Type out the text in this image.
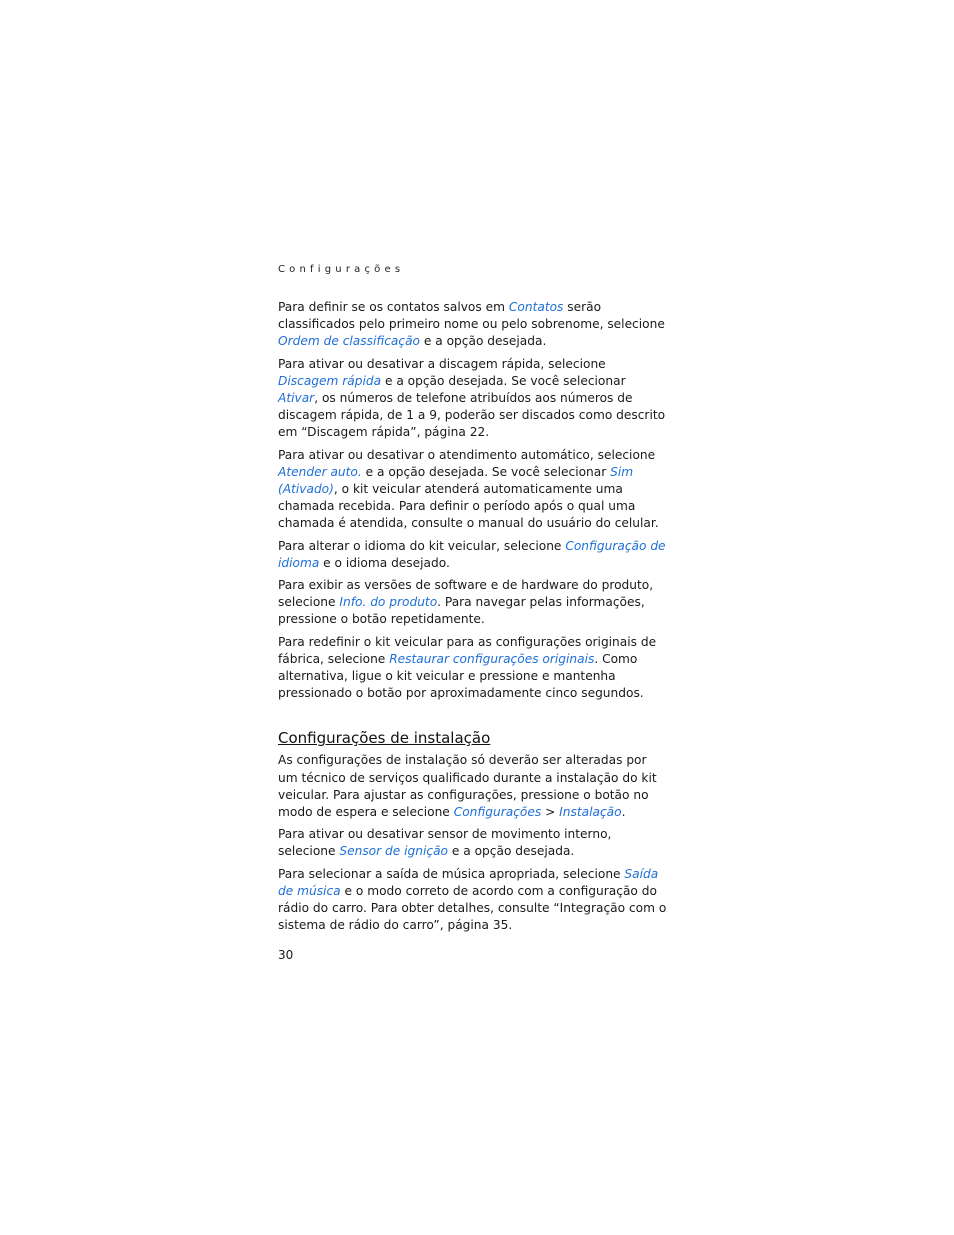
Configurações

Para definir se os contatos salvos em Contatos serão classificados pelo primeiro nome ou pelo sobrenome, selecione Ordem de classificação e a opção desejada.

Para ativar ou desativar a discagem rápida, selecione Discagem rápida e a opção desejada. Se você selecionar Ativar, os números de telefone atribuídos aos números de discagem rápida, de 1 a 9, poderão ser discados como descrito em “Discagem rápida”, página 22.

Para ativar ou desativar o atendimento automático, selecione Atender auto. e a opção desejada. Se você selecionar Sim (Ativado), o kit veicular atenderá automaticamente uma chamada recebida. Para definir o período após o qual uma chamada é atendida, consulte o manual do usuário do celular.

Para alterar o idioma do kit veicular, selecione Configuração de idioma e o idioma desejado.

Para exibir as versões de software e de hardware do produto, selecione Info. do produto. Para navegar pelas informações, pressione o botão repetidamente.

Para redefinir o kit veicular para as configurações originais de fábrica, selecione Restaurar configurações originais. Como alternativa, ligue o kit veicular e pressione e mantenha pressionado o botão por aproximadamente cinco segundos.

Configurações de instalação

As configurações de instalação só deverão ser alteradas por um técnico de serviços qualificado durante a instalação do kit veicular. Para ajustar as configurações, pressione o botão no modo de espera e selecione Configurações > Instalação.

Para ativar ou desativar sensor de movimento interno, selecione Sensor de ignição e a opção desejada.

Para selecionar a saída de música apropriada, selecione Saída de música e o modo correto de acordo com a configuração do rádio do carro. Para obter detalhes, consulte “Integração com o sistema de rádio do carro”, página 35.

30
